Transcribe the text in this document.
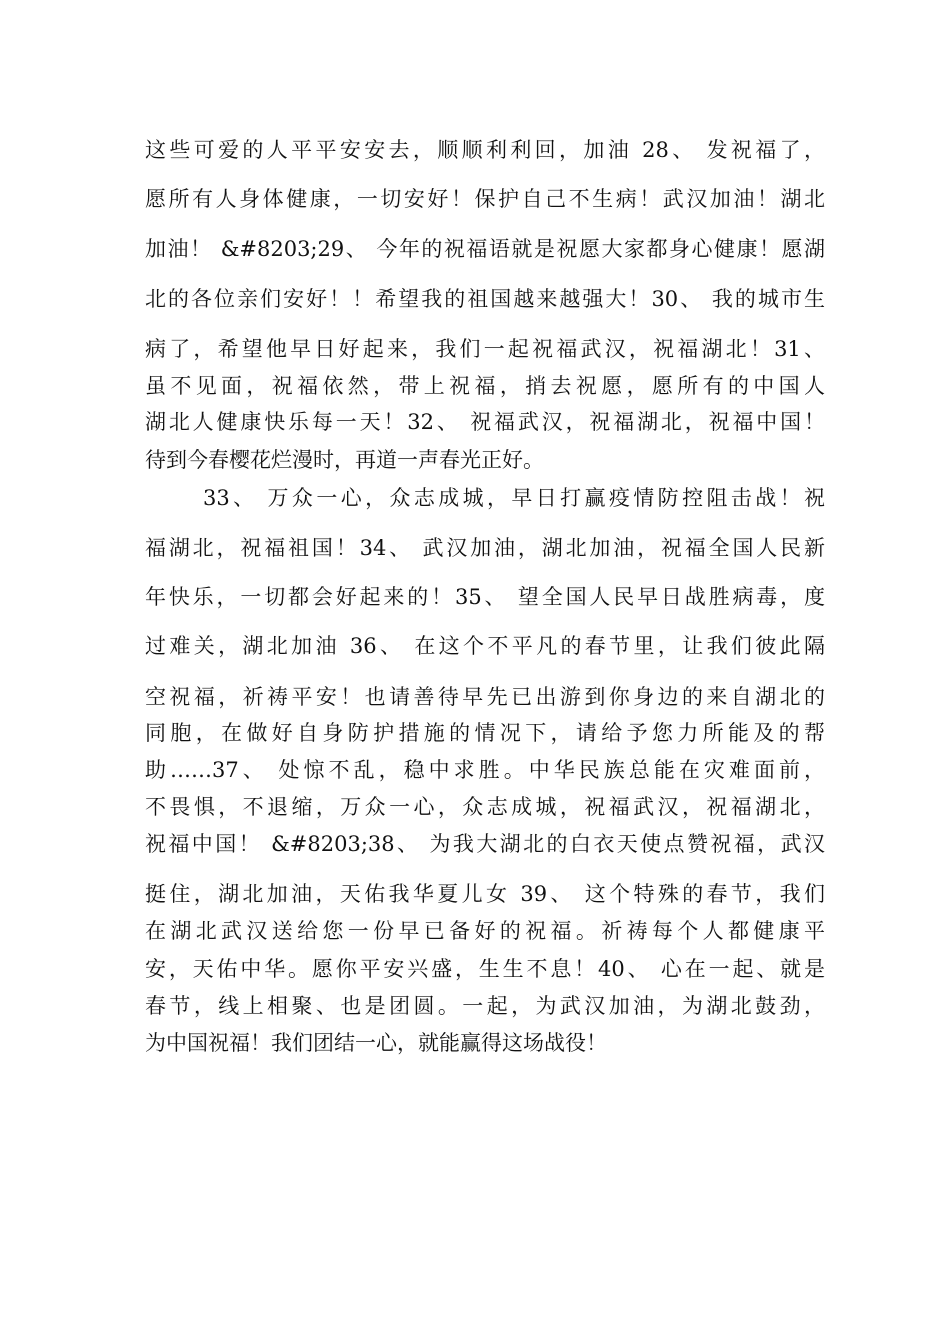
这些可爱的人平平安安去，顺顺利利回，加油 28、 发祝福了，
愿所有人身体健康，一切安好！保护自己不生病！武汉加油！湖北
加油！ &#8203;29、 今年的祝福语就是祝愿大家都身心健康！愿湖
北的各位亲们安好！！希望我的祖国越来越强大！30、 我的城市生
病了，希望他早日好起来，我们一起祝福武汉，祝福湖北！31、
虽不见面，祝福依然，带上祝福，捎去祝愿，愿所有的中国人
湖北人健康快乐每一天！32、 祝福武汉，祝福湖北，祝福中国！
待到今春樱花烂漫时，再道一声春光正好。
33、 万众一心，众志成城，早日打赢疫情防控阻击战！祝
福湖北，祝福祖国！34、 武汉加油，湖北加油，祝福全国人民新
年快乐，一切都会好起来的！35、 望全国人民早日战胜病毒，度
过难关，湖北加油 36、 在这个不平凡的春节里，让我们彼此隔
空祝福，祈祷平安！也请善待早先已出游到你身边的来自湖北的
同胞，在做好自身防护措施的情况下，请给予您力所能及的帮
助……37、 处惊不乱，稳中求胜。中华民族总能在灾难面前，
不畏惧，不退缩，万众一心，众志成城，祝福武汉，祝福湖北，
祝福中国！ &#8203;38、 为我大湖北的白衣天使点赞祝福，武汉
挺住，湖北加油，天佑我华夏儿女 39、 这个特殊的春节，我们
在湖北武汉送给您一份早已备好的祝福。祈祷每个人都健康平
安，天佑中华。愿你平安兴盛，生生不息！40、 心在一起、就是
春节，线上相聚、也是团圆。一起，为武汉加油，为湖北鼓劲，
为中国祝福！我们团结一心，就能赢得这场战役！
